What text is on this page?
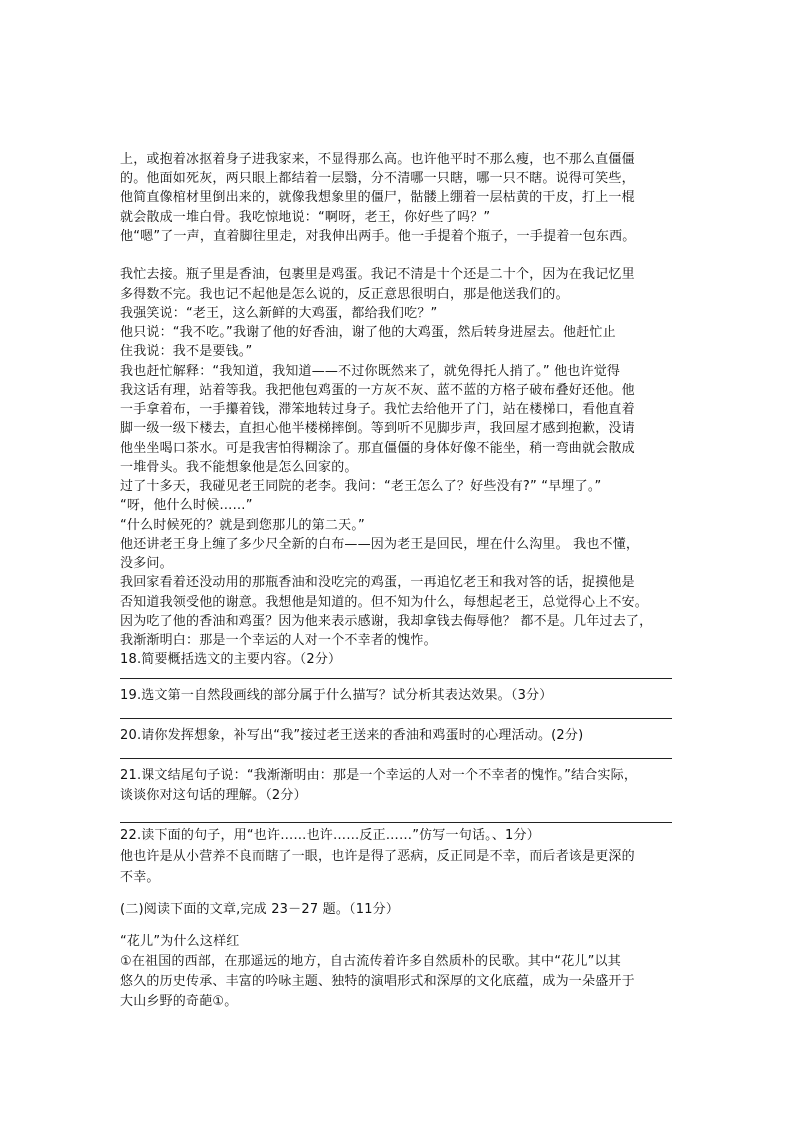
上，或抱着冰抠着身子进我家来，不显得那么高。也许他平时不那么瘦，也不那么直僵僵
的。他面如死灰，两只眼上都结着一层翳，分不清哪一只瞎，哪一只不瞎。说得可笑些，
他简直像棺材里倒出来的，就像我想象里的僵尸，骷髅上绷着一层枯黄的干皮，打上一棍
就会散成一堆白骨。我吃惊地说：“啊呀，老王，你好些了吗？”
他“嗯”了一声，直着脚往里走，对我伸出两手。他一手提着个瓶子，一手提着一包东西。
我忙去接。瓶子里是香油，包裹里是鸡蛋。我记不清是十个还是二十个，因为在我记忆里
多得数不完。我也记不起他是怎么说的，反正意思很明白，那是他送我们的。
我强笑说：“老王，这么新鲜的大鸡蛋，都给我们吃？”
他只说：“我不吃。”我谢了他的好香油，谢了他的大鸡蛋，然后转身进屋去。他赶忙止
住我说：我不是要钱。”
我也赶忙解释：“我知道，我知道——不过你既然来了，就免得托人捎了。” 他也许觉得
我这话有理，站着等我。我把他包鸡蛋的一方灰不灰、蓝不蓝的方格子破布叠好还他。他
一手拿着布，一手攥着钱，滞笨地转过身子。我忙去给他开了门，站在楼梯口，看他直着
脚一级一级下楼去，直担心他半楼梯摔倒。等到听不见脚步声，我回屋才感到抱歉，没请
他坐坐喝口茶水。可是我害怕得糊涂了。那直僵僵的身体好像不能坐，稍一弯曲就会散成
一堆骨头。我不能想象他是怎么回家的。
过了十多天，我碰见老王同院的老李。我问：“老王怎么了？好些没有?” “早埋了。”
“呀，他什么时候……”
“什么时候死的？就是到您那儿的第二天。”
他还讲老王身上缠了多少尺全新的白布——因为老王是回民，埋在什么沟里。 我也不懂，
没多问。
我回家看着还没动用的那瓶香油和没吃完的鸡蛋，一再追忆老王和我对答的话，捉摸他是
否知道我领受他的谢意。我想他是知道的。但不知为什么，每想起老王，总觉得心上不安。
因为吃了他的香油和鸡蛋？因为他来表示感谢，我却拿钱去侮辱他？ 都不是。几年过去了，
我渐渐明白：那是一个幸运的人对一个不幸者的愧怍。
18.简要概括选文的主要内容。（2分）
19.选文第一自然段画线的部分属于什么描写？试分析其表达效果。（3分）
20.请你发挥想象，补写出“我”接过老王送来的香油和鸡蛋时的心理活动。(2分)
21.课文结尾句子说：“我渐渐明由：那是一个幸运的人对一个不幸者的愧怍。”结合实际，
谈谈你对这句话的理解。（2分）
22.读下面的句子，用“也许……也许……反正……”仿写一句话。、1分）
他也许是从小营养不良而瞎了一眼，也许是得了恶病，反正同是不幸，而后者该是更深的
不幸。
(二)阅读下面的文章,完成 23－27 题。（11分）
“花儿”为什么这样红
①在祖国的西部，在那遥远的地方，自古流传着许多自然质朴的民歌。其中“花儿”以其
悠久的历史传承、丰富的吟咏主题、独特的演唱形式和深厚的文化底蕴，成为一朵盛开于
大山乡野的奇葩①。
